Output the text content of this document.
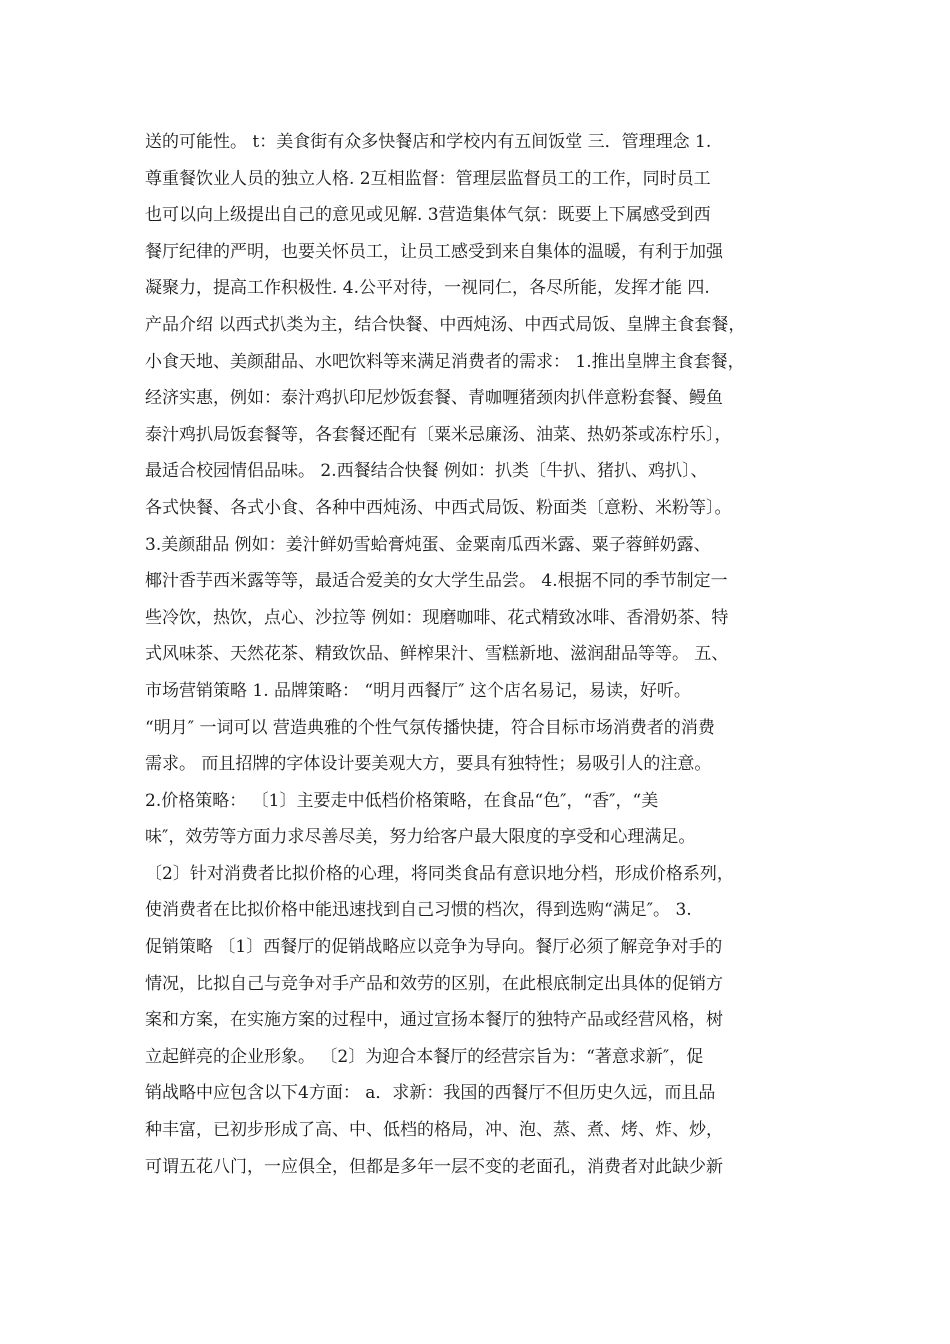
送的可能性。 t：美食街有众多快餐店和学校内有五间饭堂 三．管理理念 1.
尊重餐饮业人员的独立人格. 2互相监督：管理层监督员工的工作，同时员工
也可以向上级提出自己的意见或见解. 3营造集体气氛：既要上下属感受到西
餐厅纪律的严明，也要关怀员工，让员工感受到来自集体的温暖，有利于加强
凝聚力，提高工作积极性. 4.公平对待，一视同仁，各尽所能，发挥才能 四.
产品介绍 以西式扒类为主，结合快餐、中西炖汤、中西式局饭、皇牌主食套餐，
小食天地、美颜甜品、水吧饮料等来满足消费者的需求： 1.推出皇牌主食套餐，
经济实惠，例如：泰汁鸡扒印尼炒饭套餐、青咖喱猪颈肉扒伴意粉套餐、鳗鱼
泰汁鸡扒局饭套餐等，各套餐还配有〔粟米忌廉汤、油菜、热奶茶或冻柠乐〕，
最适合校园情侣品味。 2.西餐结合快餐 例如：扒类〔牛扒、猪扒、鸡扒〕、
各式快餐、各式小食、各种中西炖汤、中西式局饭、粉面类〔意粉、米粉等〕。
3.美颜甜品 例如：姜汁鲜奶雪蛤膏炖蛋、金粟南瓜西米露、粟子蓉鲜奶露、
椰汁香芋西米露等等，最适合爱美的女大学生品尝。 4.根据不同的季节制定一
些冷饮，热饮，点心、沙拉等 例如：现磨咖啡、花式精致冰啡、香滑奶茶、特
式风味茶、天然花茶、精致饮品、鲜榨果汁、雪糕新地、滋润甜品等等。 五、
市场营销策略 1. 品牌策略： “明月西餐厅″ 这个店名易记，易读，好听。
“明月″ 一词可以 营造典雅的个性气氛传播快捷，符合目标市场消费者的消费
需求。 而且招牌的字体设计要美观大方，要具有独特性；易吸引人的注意。
2.价格策略： 〔1〕主要走中低档价格策略，在食品“色″，“香″，“美
味″，效劳等方面力求尽善尽美，努力给客户最大限度的享受和心理满足。
〔2〕针对消费者比拟价格的心理，将同类食品有意识地分档，形成价格系列，
使消费者在比拟价格中能迅速找到自己习惯的档次，得到选购“满足″。 3.
促销策略 〔1〕西餐厅的促销战略应以竞争为导向。餐厅必须了解竞争对手的
情况，比拟自己与竞争对手产品和效劳的区别，在此根底制定出具体的促销方
案和方案，在实施方案的过程中，通过宣扬本餐厅的独特产品或经营风格，树
立起鲜亮的企业形象。 〔2〕为迎合本餐厅的经营宗旨为：“著意求新″，促
销战略中应包含以下4方面： a．求新：我国的西餐厅不但历史久远，而且品
种丰富，已初步形成了高、中、低档的格局，冲、泡、蒸、煮、烤、炸、炒，
可谓五花八门，一应俱全，但都是多年一层不变的老面孔，消费者对此缺少新
